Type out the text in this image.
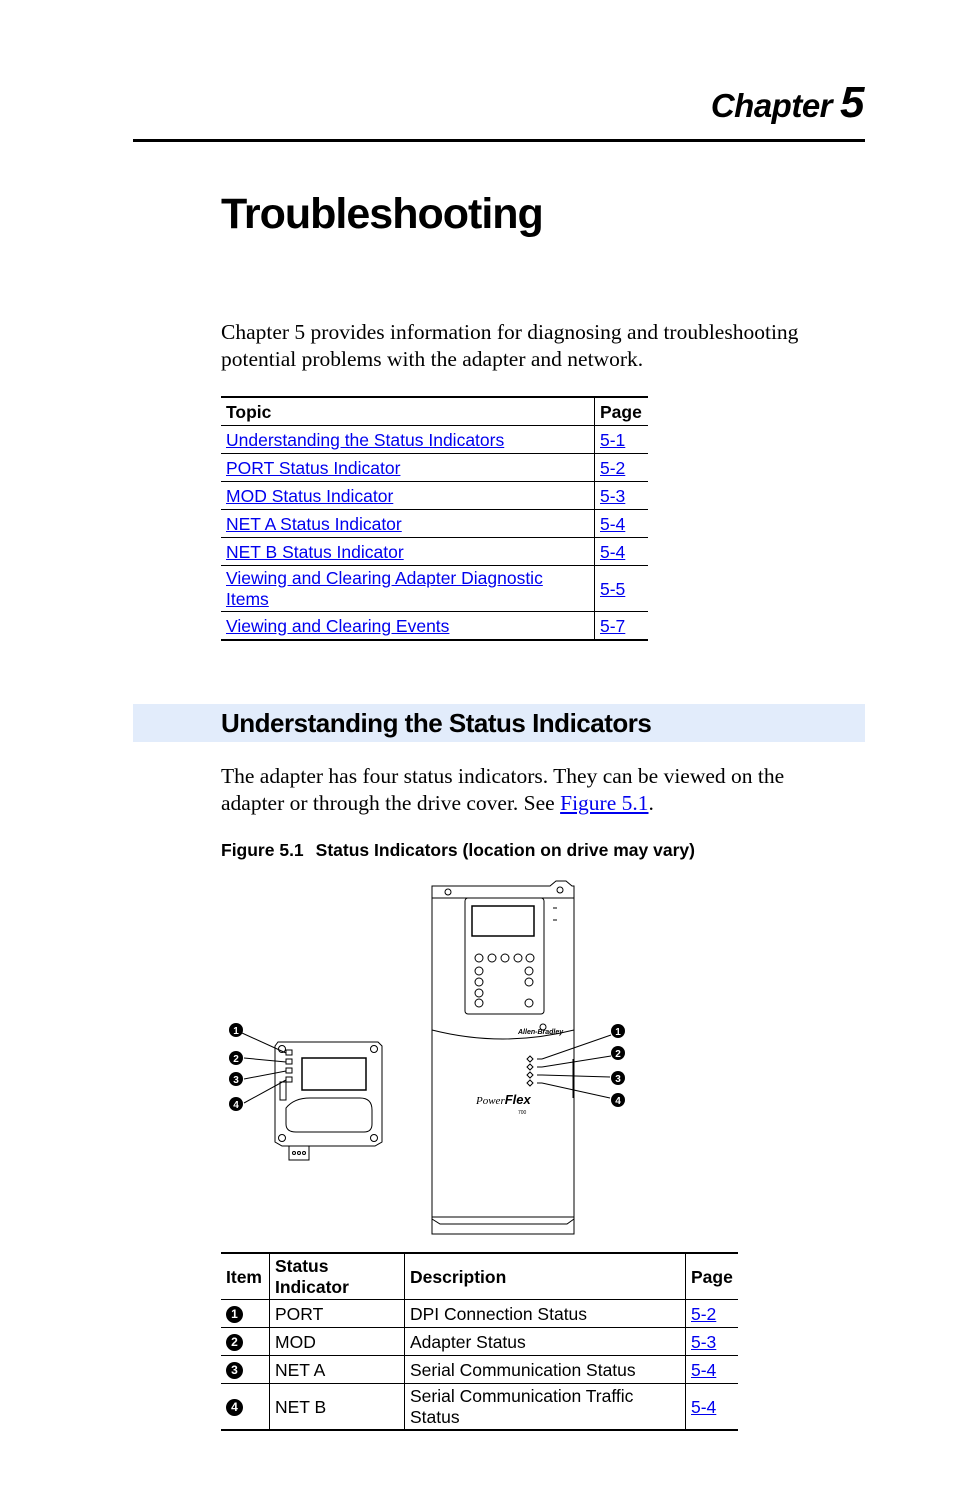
Chapter 5
Troubleshooting

Chapter 5 provides information for diagnosing and troubleshooting potential problems with the adapter and network.

Topic	Page
Understanding the Status Indicators	5-1
PORT Status Indicator	5-2
MOD Status Indicator	5-3
NET A Status Indicator	5-4
NET B Status Indicator	5-4
Viewing and Clearing Adapter Diagnostic Items	5-5
Viewing and Clearing Events	5-7
Understanding the Status Indicators

The adapter has four status indicators. They can be viewed on the adapter or through the drive cover. See Figure 5.1.

Figure 5.1 Status Indicators (location on drive may vary)
Allen-Bradley
PowerFlex
700
1
2
3
4
1
2
3
4
Item	Status Indicator	Description	Page
1	PORT	DPI Connection Status	5-2
2	MOD	Adapter Status	5-3
3	NET A	Serial Communication Status	5-4
4	NET B	Serial Communication Traffic Status	5-4
